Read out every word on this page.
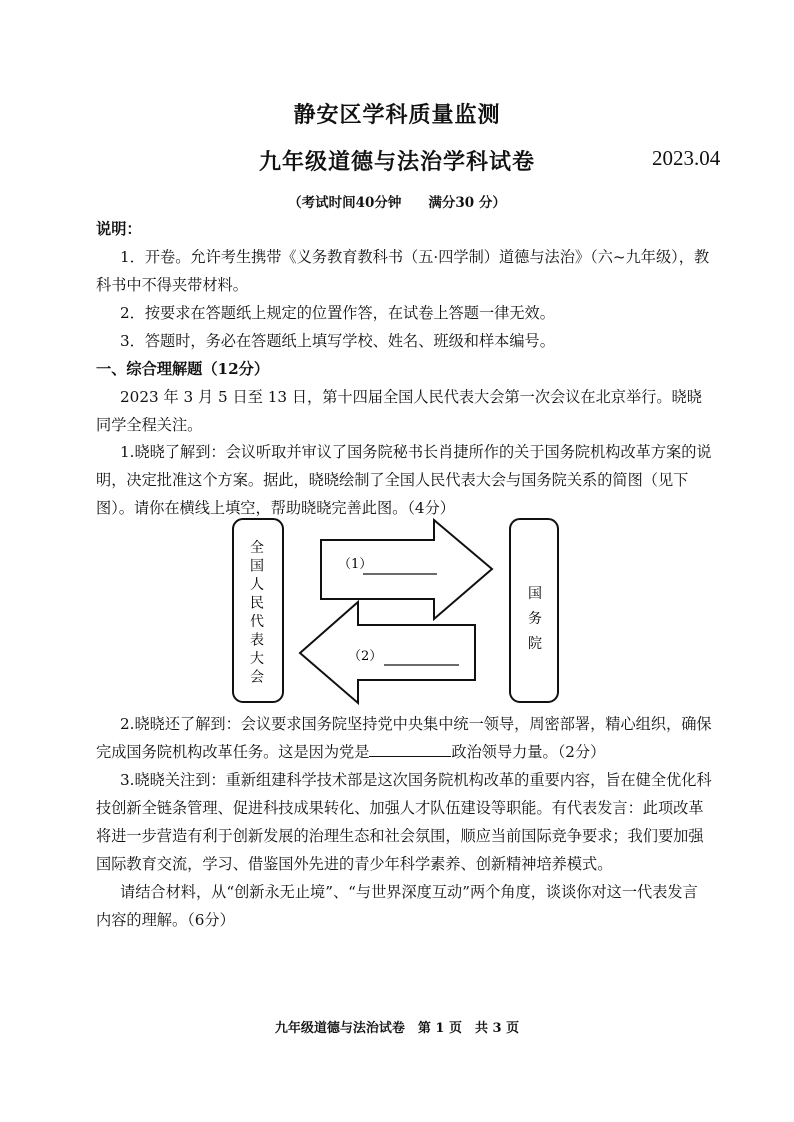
静安区学科质量监测
九年级道德与法治学科试卷	2023.04
（考试时间40分钟　　满分30 分）
说明：
1．开卷。允许考生携带《义务教育教科书（五·四学制）道德与法治》（六~九年级），教科书中不得夹带材料。
2．按要求在答题纸上规定的位置作答，在试卷上答题一律无效。
3．答题时，务必在答题纸上填写学校、姓名、班级和样本编号。
一、综合理解题（12分）
2023 年 3 月 5 日至 13 日，第十四届全国人民代表大会第一次会议在北京举行。晓晓同学全程关注。
1.晓晓了解到：会议听取并审议了国务院秘书长肖捷所作的关于国务院机构改革方案的说明，决定批准这个方案。据此，晓晓绘制了全国人民代表大会与国务院关系的简图（见下图）。请你在横线上填空，帮助晓晓完善此图。（4分）
全国人民代表大会
国务院
（1）
（2）
2.晓晓还了解到：会议要求国务院坚持党中央集中统一领导，周密部署，精心组织，确保完成国务院机构改革任务。这是因为党是	政治领导力量。（2分）
3.晓晓关注到：重新组建科学技术部是这次国务院机构改革的重要内容，旨在健全优化科技创新全链条管理、促进科技成果转化、加强人才队伍建设等职能。有代表发言：此项改革将进一步营造有利于创新发展的治理生态和社会氛围，顺应当前国际竞争要求；我们要加强国际教育交流，学习、借鉴国外先进的青少年科学素养、创新精神培养模式。
请结合材料，从“创新永无止境”、“与世界深度互动”两个角度，谈谈你对这一代表发言内容的理解。（6分）
九年级道德与法治试卷　第 1 页　共 3 页
